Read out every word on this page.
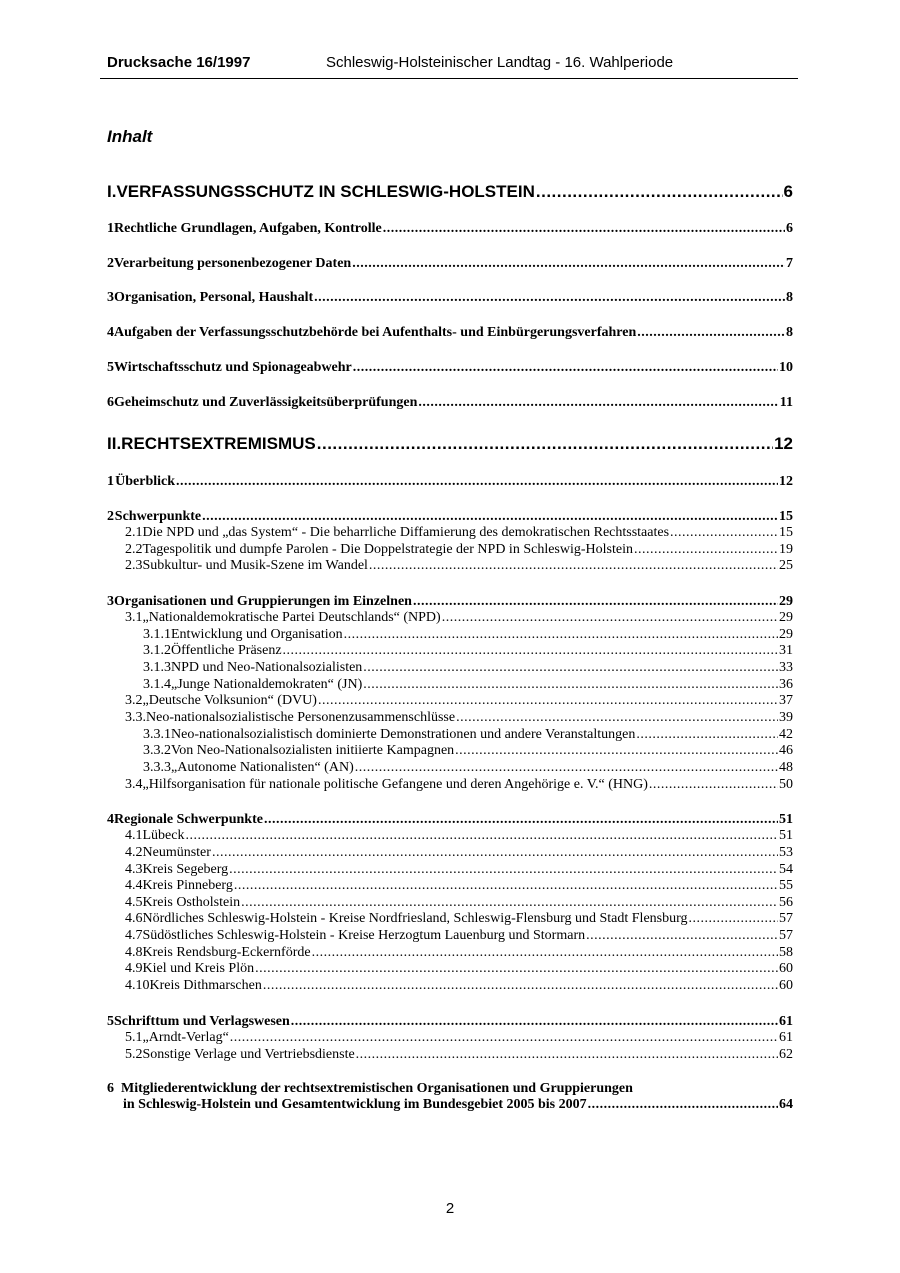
Drucksache 16/1997	Schleswig-Holsteinischer Landtag - 16. Wahlperiode
Inhalt
I. VERFASSUNGSSCHUTZ IN SCHLESWIG-HOLSTEIN .....	6
1 Rechtliche Grundlagen, Aufgaben, Kontrolle .....	6
2 Verarbeitung personenbezogener Daten .....	7
3 Organisation, Personal, Haushalt .....	8
4 Aufgaben der Verfassungsschutzbehörde bei Aufenthalts- und Einbürgerungsverfahren .....	8
5 Wirtschaftsschutz und Spionageabwehr .....	10
6 Geheimschutz und Zuverlässigkeitsüberprüfungen .....	11
II. RECHTSEXTREMISMUS .....	12
1 Überblick .....	12
2 Schwerpunkte .....	15
2.1 Die NPD und „das System“ - Die beharrliche Diffamierung des demokratischen Rechtsstaates .....	15
2.2 Tagespolitik und dumpfe Parolen - Die Doppelstrategie der NPD in Schleswig-Holstein .....	19
2.3 Subkultur- und Musik-Szene im Wandel .....	25
3 Organisationen und Gruppierungen im Einzelnen .....	29
3.1 „Nationaldemokratische Partei Deutschlands“ (NPD) .....	29
3.1.1 Entwicklung und Organisation .....	29
3.1.2 Öffentliche Präsenz .....	31
3.1.3 NPD und Neo-Nationalsozialisten .....	33
3.1.4 „Junge Nationaldemokraten“ (JN) .....	36
3.2 „Deutsche Volksunion“ (DVU) .....	37
3.3. Neo-nationalsozialistische Personenzusammenschlüsse .....	39
3.3.1 Neo-nationalsozialistisch dominierte Demonstrationen und andere Veranstaltungen .....	42
3.3.2 Von Neo-Nationalsozialisten initiierte Kampagnen .....	46
3.3.3 „Autonome Nationalisten“ (AN) .....	48
3.4 „Hilfsorganisation für nationale politische Gefangene und deren Angehörige e. V.“ (HNG) .....	50
4 Regionale Schwerpunkte .....	51
4.1 Lübeck .....	51
4.2 Neumünster .....	53
4.3 Kreis Segeberg .....	54
4.4 Kreis Pinneberg .....	55
4.5 Kreis Ostholstein .....	56
4.6 Nördliches Schleswig-Holstein - Kreise Nordfriesland, Schleswig-Flensburg und Stadt Flensburg .....	57
4.7 Südöstliches Schleswig-Holstein - Kreise Herzogtum Lauenburg und Stormarn .....	57
4.8 Kreis Rendsburg-Eckernförde .....	58
4.9 Kiel und Kreis Plön .....	60
4.10 Kreis Dithmarschen .....	60
5 Schrifttum und Verlagswesen .....	61
5.1 „Arndt-Verlag“ .....	61
5.2 Sonstige Verlage und Vertriebsdienste .....	62
6 Mitgliederentwicklung der rechtsextremistischen Organisationen und Gruppierungen
in Schleswig-Holstein und Gesamtentwicklung im Bundesgebiet 2005 bis 2007 .....	64
2
